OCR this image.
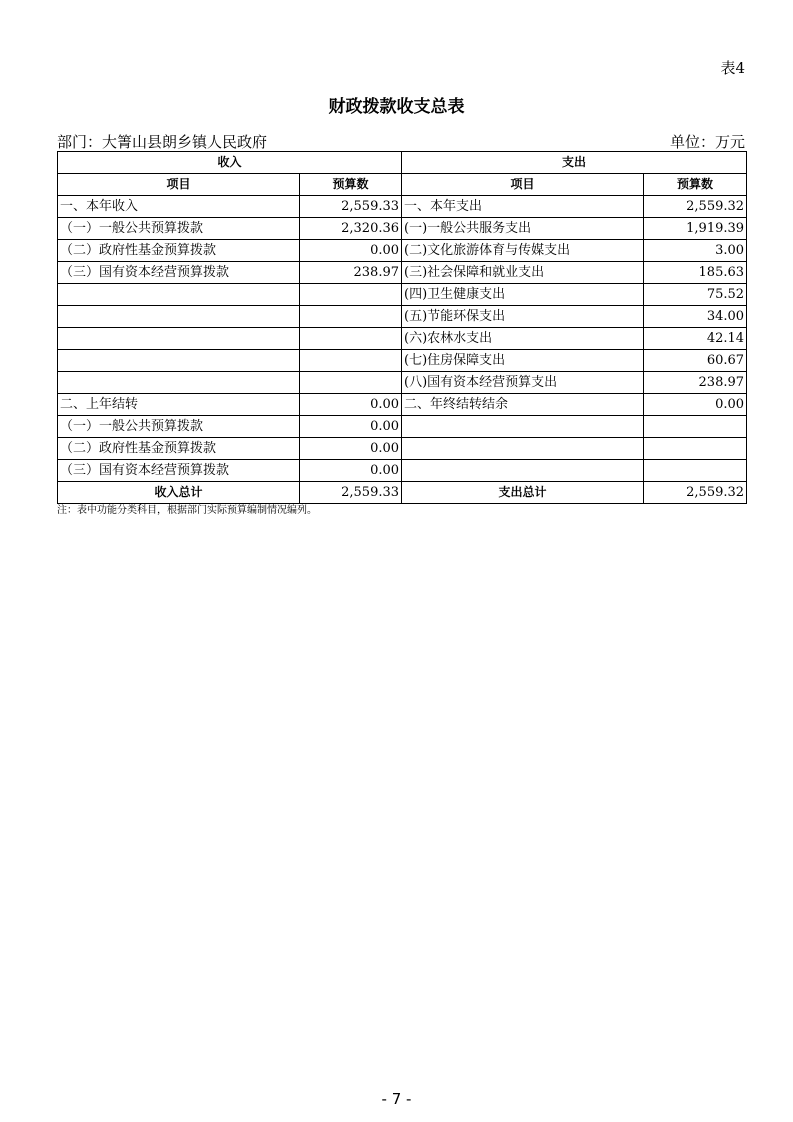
表4
财政拨款收支总表
部门：大箐山县朗乡镇人民政府	单位：万元
收入		支出	
项目	预算数	项目	预算数
一、本年收入	2,559.33	一、本年支出	2,559.32
（一）一般公共预算拨款	2,320.36	(一)一般公共服务支出	1,919.39
（二）政府性基金预算拨款	0.00	(二)文化旅游体育与传媒支出	3.00
（三）国有资本经营预算拨款	238.97	(三)社会保障和就业支出	185.63
		(四)卫生健康支出	75.52
		(五)节能环保支出	34.00
		(六)农林水支出	42.14
		(七)住房保障支出	60.67
		(八)国有资本经营预算支出	238.97
二、上年结转	0.00	二、年终结转结余	0.00
（一）一般公共预算拨款	0.00		
（二）政府性基金预算拨款	0.00		
（三）国有资本经营预算拨款	0.00		
收入总计	2,559.33	支出总计	2,559.32
注：表中功能分类科目，根据部门实际预算编制情况编列。
- 7 -
